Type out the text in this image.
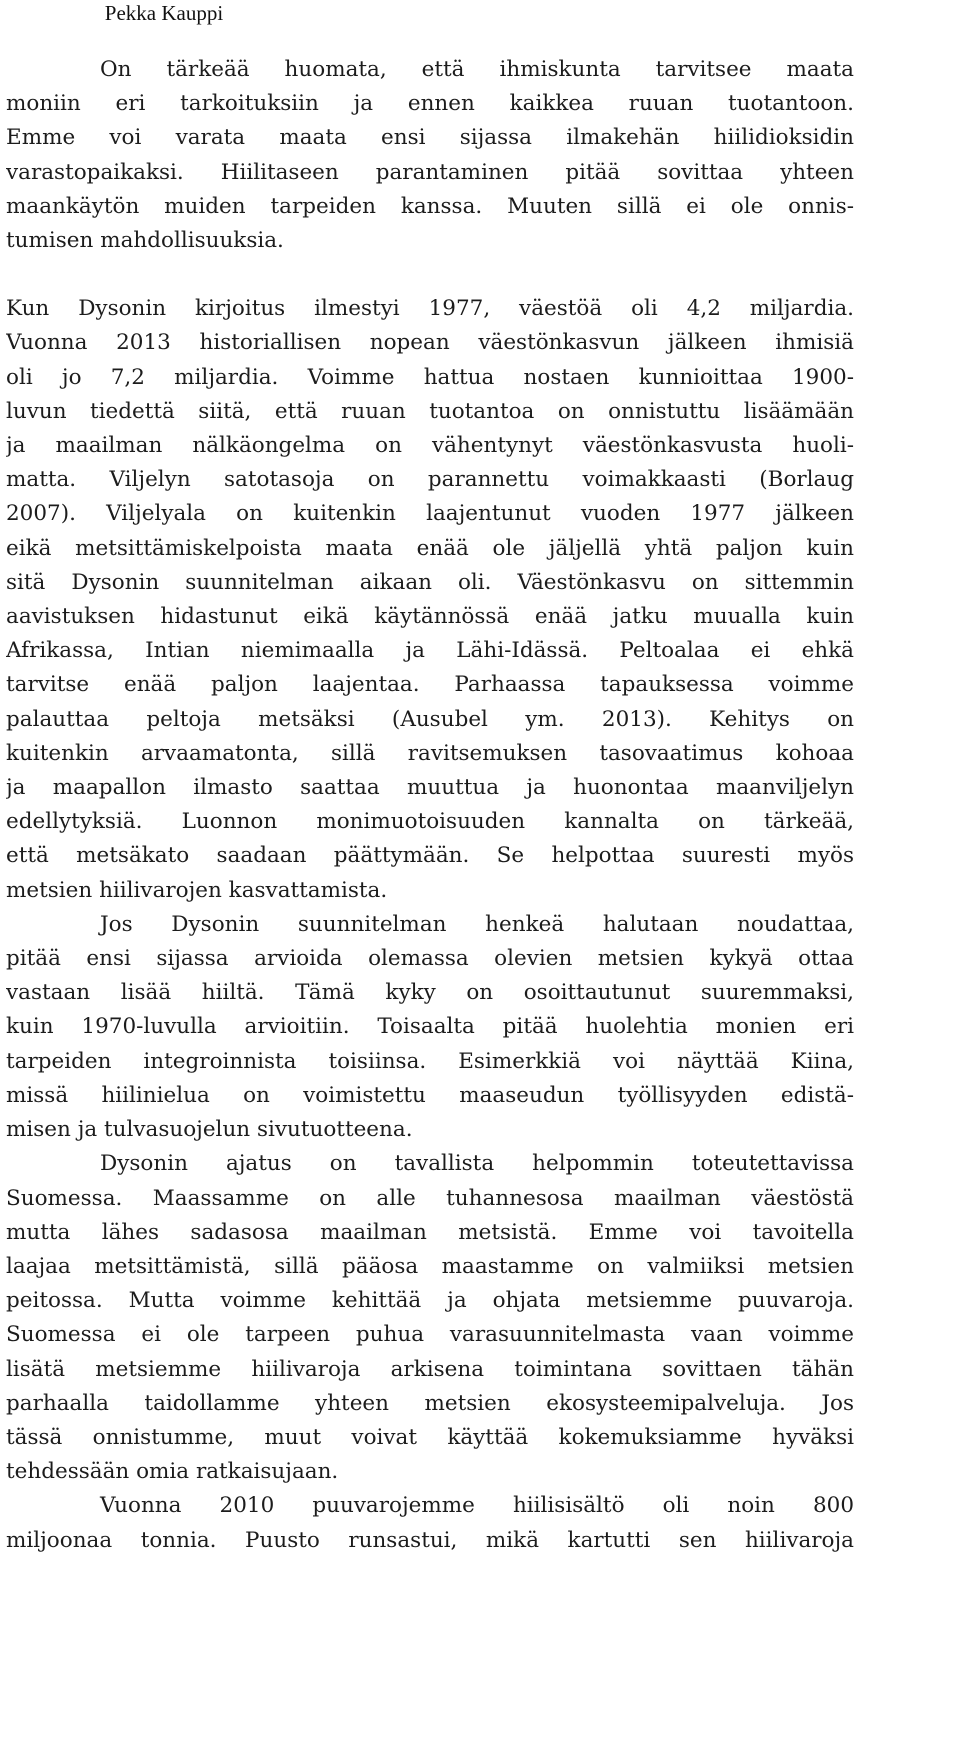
Pekka Kauppi

On tärkeää huomata, että ihmiskunta tarvitsee maata
moniin eri tarkoituksiin ja ennen kaikkea ruuan tuotantoon.
Emme voi varata maata ensi sijassa ilmakehän hiilidioksidin
varastopaikaksi. Hiilitaseen parantaminen pitää sovittaa yhteen
maankäytön muiden tarpeiden kanssa. Muuten sillä ei ole onnis-
tumisen mahdollisuuksia.

Kun Dysonin kirjoitus ilmestyi 1977, väestöä oli 4,2 miljardia.
Vuonna 2013 historiallisen nopean väestönkasvun jälkeen ihmisiä
oli jo 7,2 miljardia. Voimme hattua nostaen kunnioittaa 1900-
luvun tiedettä siitä, että ruuan tuotantoa on onnistuttu lisäämään
ja maailman nälkäongelma on vähentynyt väestönkasvusta huoli-
matta. Viljelyn satotasoja on parannettu voimakkaasti (Borlaug
2007). Viljelyala on kuitenkin laajentunut vuoden 1977 jälkeen
eikä metsittämiskelpoista maata enää ole jäljellä yhtä paljon kuin
sitä Dysonin suunnitelman aikaan oli. Väestönkasvu on sittemmin
aavistuksen hidastunut eikä käytännössä enää jatku muualla kuin
Afrikassa, Intian niemimaalla ja Lähi-Idässä. Peltoalaa ei ehkä
tarvitse enää paljon laajentaa. Parhaassa tapauksessa voimme
palauttaa peltoja metsäksi (Ausubel ym. 2013). Kehitys on
kuitenkin arvaamatonta, sillä ravitsemuksen tasovaatimus kohoaa
ja maapallon ilmasto saattaa muuttua ja huonontaa maanviljelyn
edellytyksiä. Luonnon monimuotoisuuden kannalta on tärkeää,
että metsäkato saadaan päättymään. Se helpottaa suuresti myös
metsien hiilivarojen kasvattamista.

Jos Dysonin suunnitelman henkeä halutaan noudattaa,
pitää ensi sijassa arvioida olemassa olevien metsien kykyä ottaa
vastaan lisää hiiltä. Tämä kyky on osoittautunut suuremmaksi,
kuin 1970-luvulla arvioitiin. Toisaalta pitää huolehtia monien eri
tarpeiden integroinnista toisiinsa. Esimerkkiä voi näyttää Kiina,
missä hiilinielua on voimistettu maaseudun työllisyyden edistä-
misen ja tulvasuojelun sivutuotteena.

Dysonin ajatus on tavallista helpommin toteutettavissa
Suomessa. Maassamme on alle tuhannesosa maailman väestöstä
mutta lähes sadasosa maailman metsistä. Emme voi tavoitella
laajaa metsittämistä, sillä pääosa maastamme on valmiiksi metsien
peitossa. Mutta voimme kehittää ja ohjata metsiemme puuvaroja.
Suomessa ei ole tarpeen puhua varasuunnitelmasta vaan voimme
lisätä metsiemme hiilivaroja arkisena toimintana sovittaen tähän
parhaalla taidollamme yhteen metsien ekosysteemipalveluja. Jos
tässä onnistumme, muut voivat käyttää kokemuksiamme hyväksi
tehdessään omia ratkaisujaan.

Vuonna 2010 puuvarojemme hiilisisältö oli noin 800
miljoonaa tonnia. Puusto runsastui, mikä kartutti sen hiilivaroja
